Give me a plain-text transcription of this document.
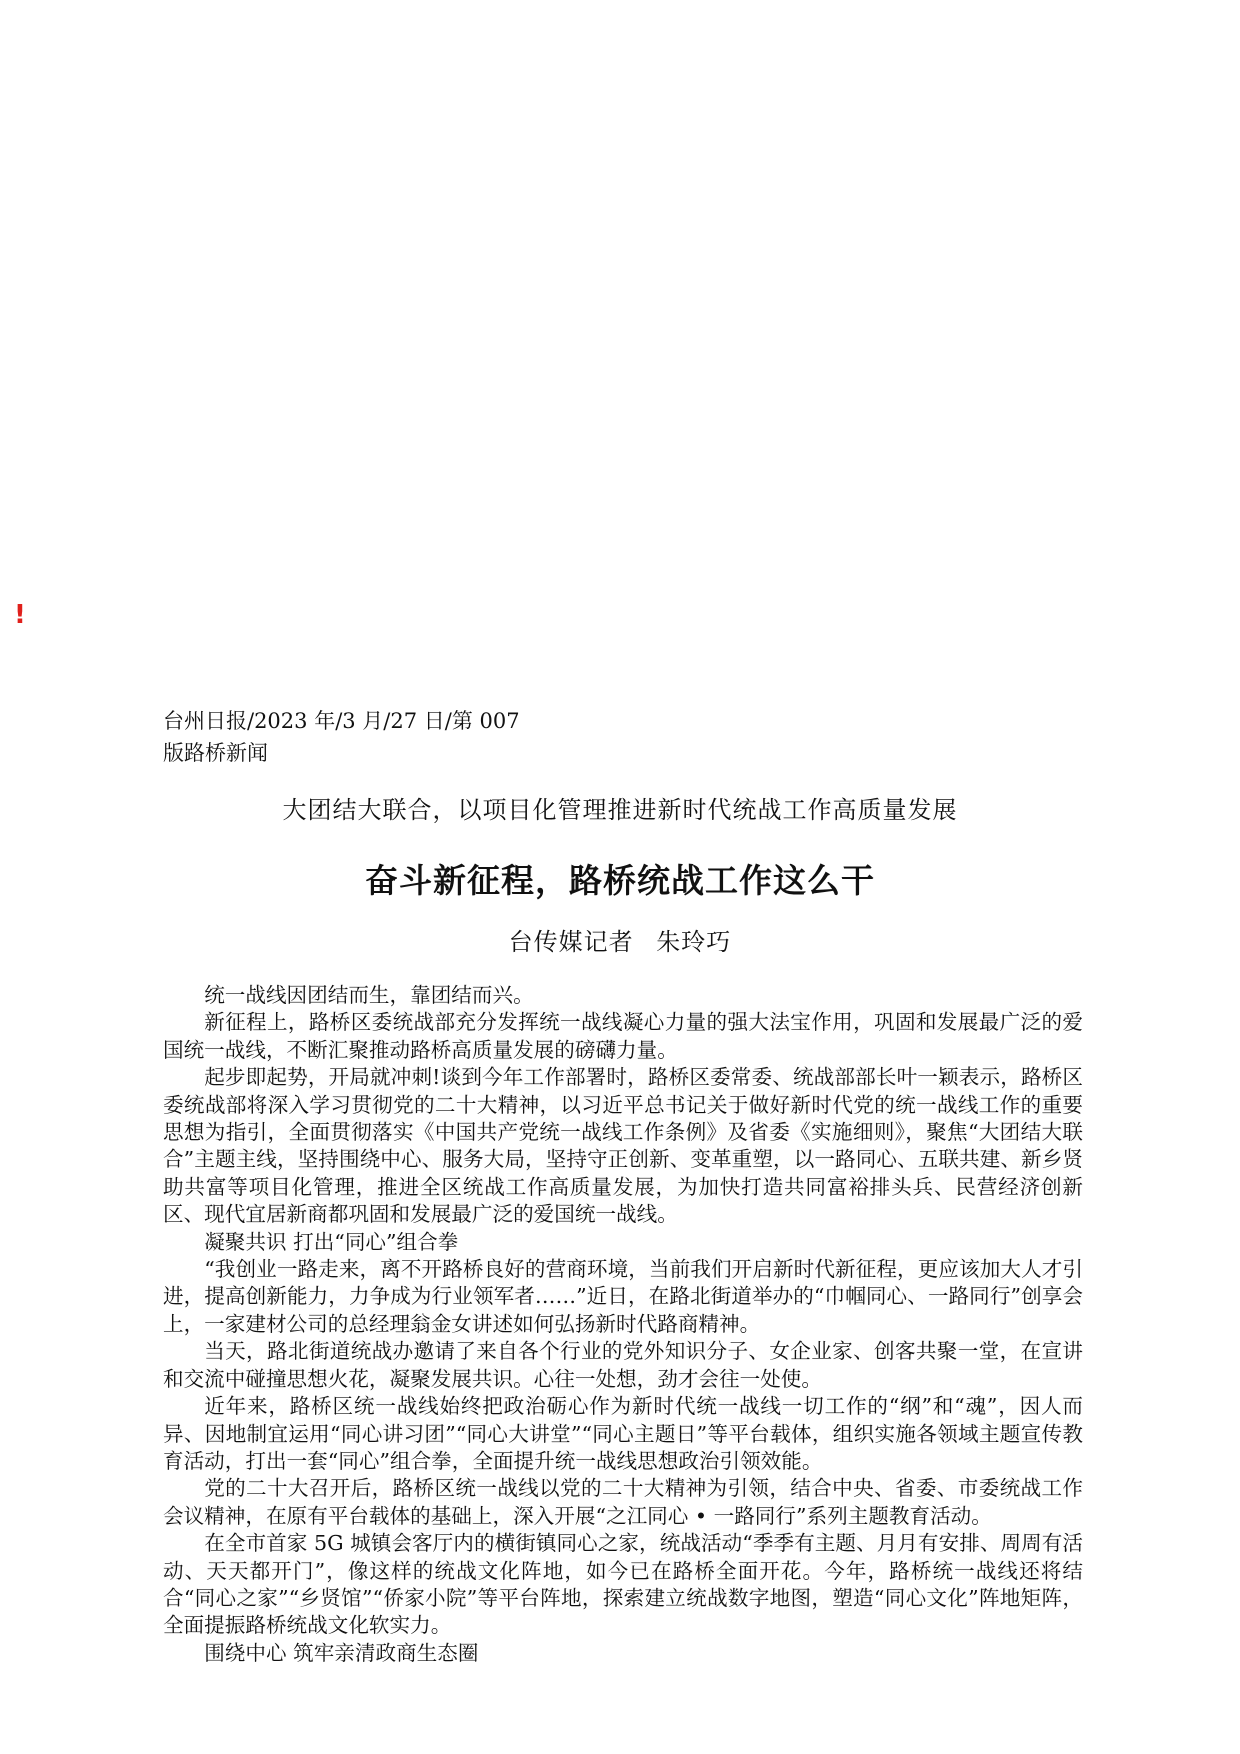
!
台州日报/2023 年/3 月/27 日/第 007
版路桥新闻
大团结大联合，以项目化管理推进新时代统战工作高质量发展
奋斗新征程，路桥统战工作这么干
台传媒记者 朱玲巧

统一战线因团结而生，靠团结而兴。

新征程上，路桥区委统战部充分发挥统一战线凝心力量的强大法宝作用，巩固和发展最广泛的爱国统一战线，不断汇聚推动路桥高质量发展的磅礴力量。

起步即起势，开局就冲刺!谈到今年工作部署时，路桥区委常委、统战部部长叶一颖表示，路桥区委统战部将深入学习贯彻党的二十大精神，以习近平总书记关于做好新时代党的统一战线工作的重要思想为指引，全面贯彻落实《中国共产党统一战线工作条例》及省委《实施细则》，聚焦“大团结大联合”主题主线，坚持围绕中心、服务大局，坚持守正创新、变革重塑，以一路同心、五联共建、新乡贤助共富等项目化管理，推进全区统战工作高质量发展，为加快打造共同富裕排头兵、民营经济创新区、现代宜居新商都巩固和发展最广泛的爱国统一战线。

凝聚共识 打出“同心”组合拳

“我创业一路走来，离不开路桥良好的营商环境，当前我们开启新时代新征程，更应该加大人才引进，提高创新能力，力争成为行业领军者……”近日，在路北街道举办的“巾帼同心、一路同行”创享会上，一家建材公司的总经理翁金女讲述如何弘扬新时代路商精神。

当天，路北街道统战办邀请了来自各个行业的党外知识分子、女企业家、创客共聚一堂，在宣讲和交流中碰撞思想火花，凝聚发展共识。心往一处想，劲才会往一处使。

近年来，路桥区统一战线始终把政治砺心作为新时代统一战线一切工作的“纲”和“魂”，因人而异、因地制宜运用“同心讲习团”“同心大讲堂”“同心主题日”等平台载体，组织实施各领域主题宣传教育活动，打出一套“同心”组合拳，全面提升统一战线思想政治引领效能。

党的二十大召开后，路桥区统一战线以党的二十大精神为引领，结合中央、省委、市委统战工作会议精神，在原有平台载体的基础上，深入开展“之江同心 • 一路同行”系列主题教育活动。

在全市首家 5G 城镇会客厅内的横街镇同心之家，统战活动“季季有主题、月月有安排、周周有活动、天天都开门”，像这样的统战文化阵地，如今已在路桥全面开花。今年，路桥统一战线还将结合“同心之家”“乡贤馆”“侨家小院”等平台阵地，探索建立统战数字地图，塑造“同心文化”阵地矩阵，全面提振路桥统战文化软实力。

围绕中心 筑牢亲清政商生态圈
